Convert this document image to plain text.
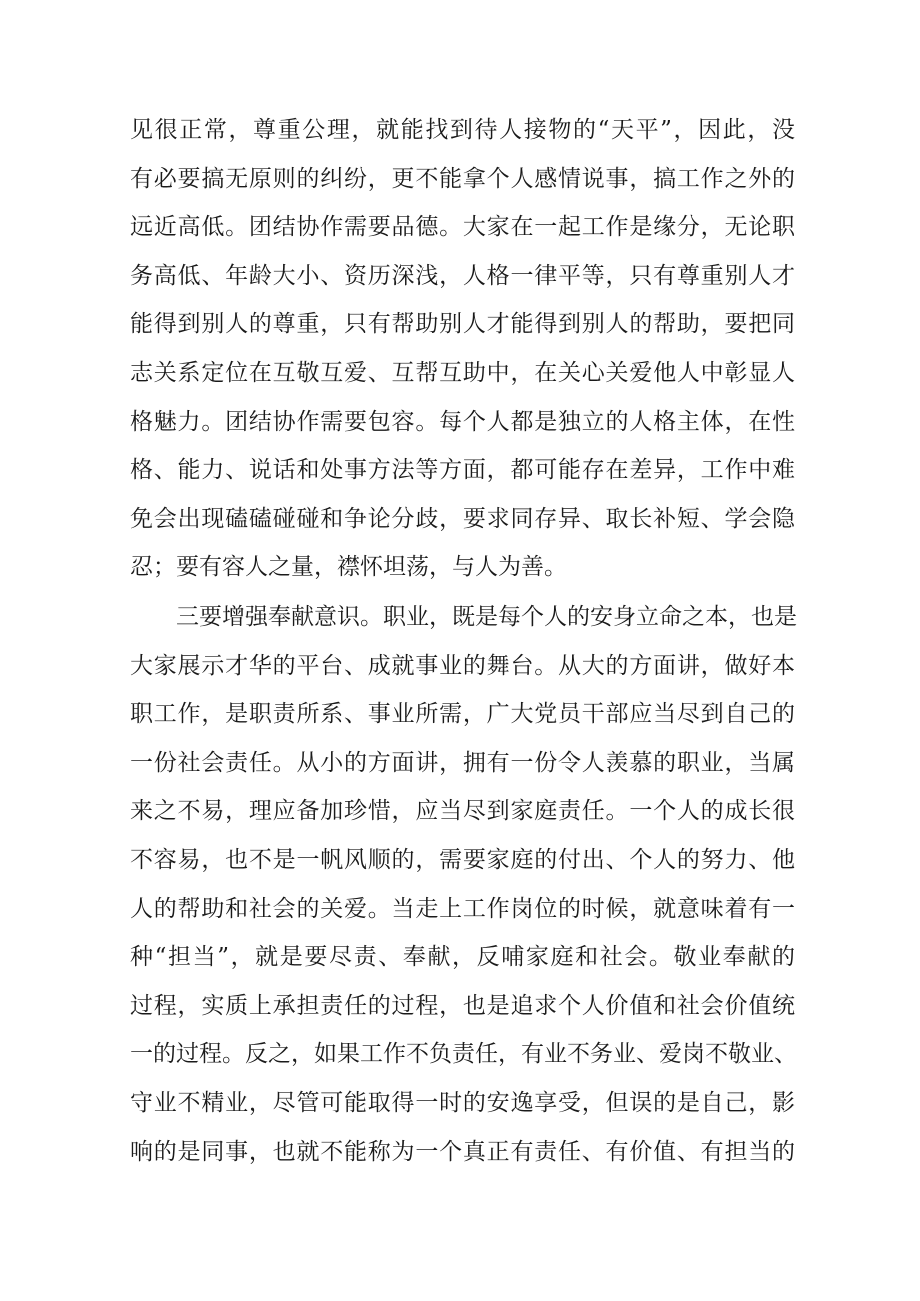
见很正常，尊重公理，就能找到待人接物的“天平”，因此，没
有必要搞无原则的纠纷，更不能拿个人感情说事，搞工作之外的
远近高低。团结协作需要品德。大家在一起工作是缘分，无论职
务高低、年龄大小、资历深浅，人格一律平等，只有尊重别人才
能得到别人的尊重，只有帮助别人才能得到别人的帮助，要把同
志关系定位在互敬互爱、互帮互助中，在关心关爱他人中彰显人
格魅力。团结协作需要包容。每个人都是独立的人格主体，在性
格、能力、说话和处事方法等方面，都可能存在差异，工作中难
免会出现磕磕碰碰和争论分歧，要求同存异、取长补短、学会隐
忍；要有容人之量，襟怀坦荡，与人为善。
三要增强奉献意识。职业，既是每个人的安身立命之本，也是
大家展示才华的平台、成就事业的舞台。从大的方面讲，做好本
职工作，是职责所系、事业所需，广大党员干部应当尽到自己的
一份社会责任。从小的方面讲，拥有一份令人羡慕的职业，当属
来之不易，理应备加珍惜，应当尽到家庭责任。一个人的成长很
不容易，也不是一帆风顺的，需要家庭的付出、个人的努力、他
人的帮助和社会的关爱。当走上工作岗位的时候，就意味着有一
种“担当”，就是要尽责、奉献，反哺家庭和社会。敬业奉献的
过程，实质上承担责任的过程，也是追求个人价值和社会价值统
一的过程。反之，如果工作不负责任，有业不务业、爱岗不敬业、
守业不精业，尽管可能取得一时的安逸享受，但误的是自己，影
响的是同事，也就不能称为一个真正有责任、有价值、有担当的
